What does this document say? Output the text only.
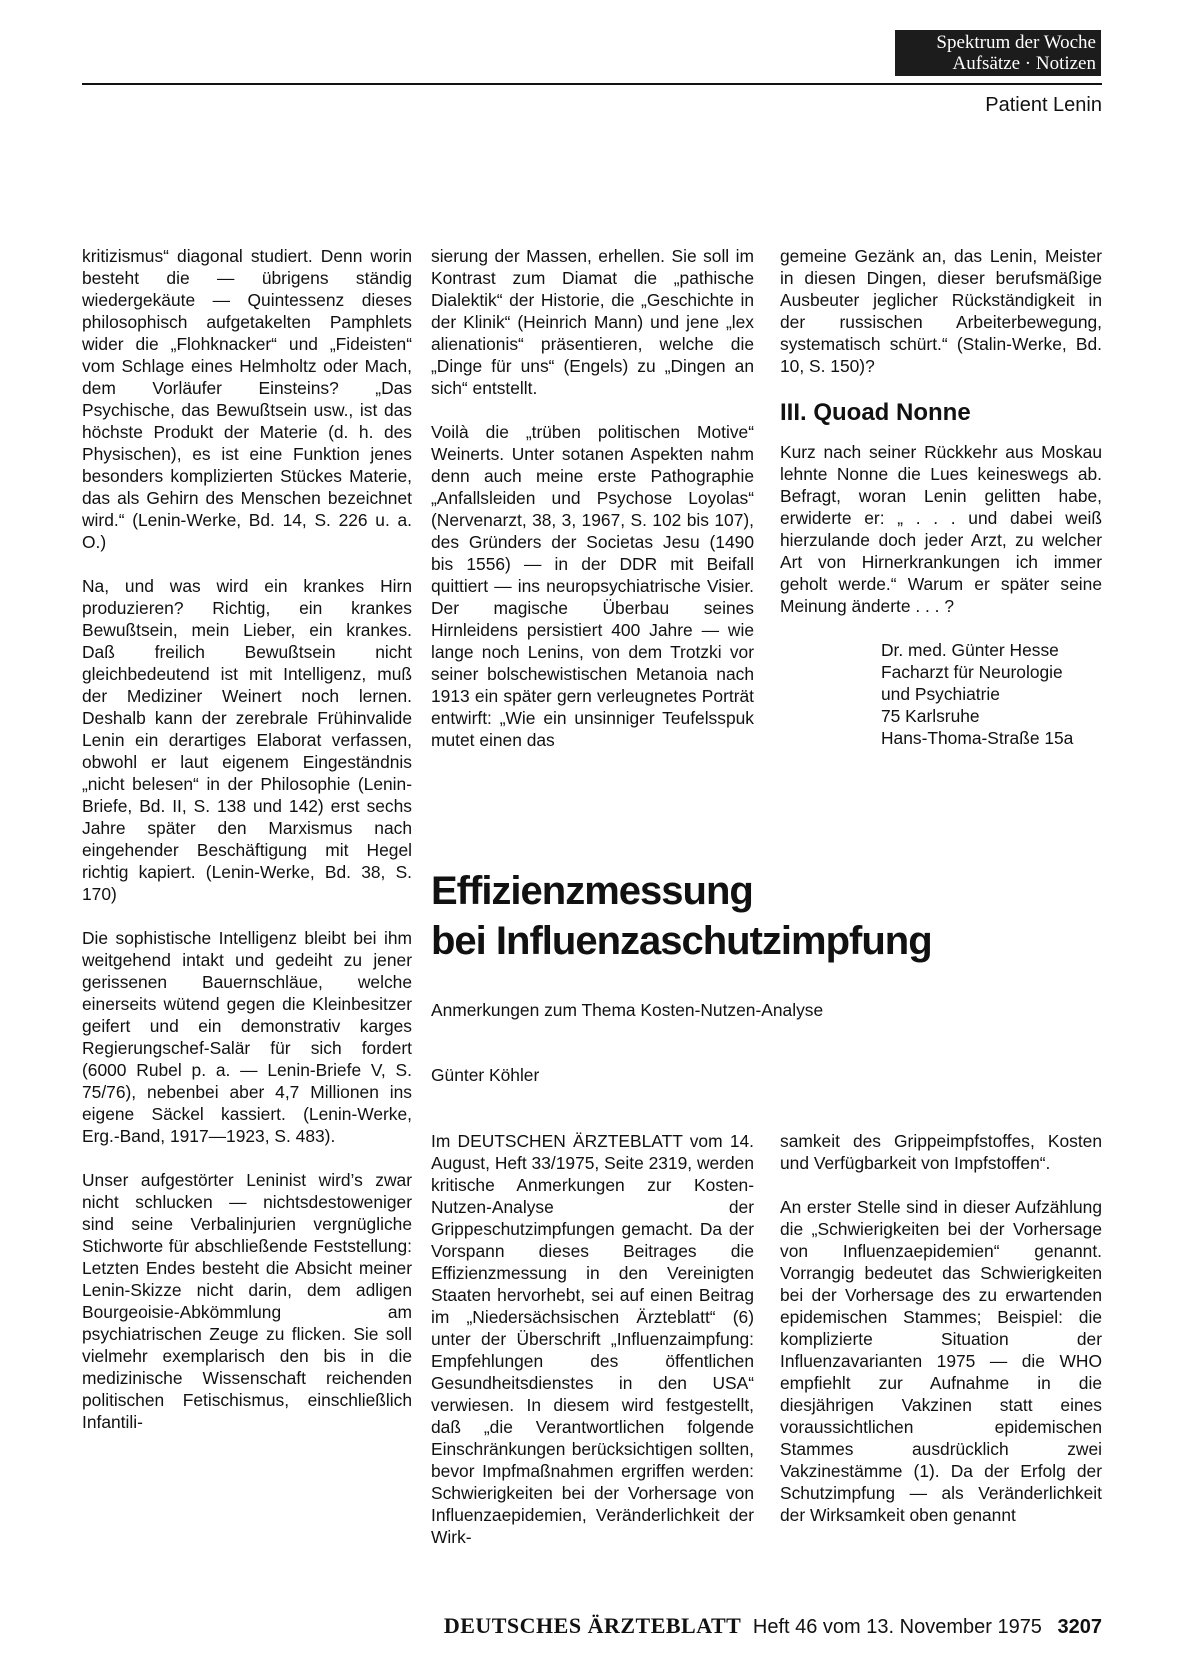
Spektrum der Woche
Aufsätze · Notizen
Patient Lenin

kritizismus“ diagonal studiert. Denn worin besteht die — übrigens ständig wiedergekäute — Quintessenz dieses philosophisch aufgetakelten Pamphlets wider die „Flohknacker“ und „Fideisten“ vom Schlage eines Helmholtz oder Mach, dem Vorläufer Einsteins? „Das Psychische, das Bewußtsein usw., ist das höchste Produkt der Materie (d. h. des Physischen), es ist eine Funktion jenes besonders komplizierten Stückes Materie, das als Gehirn des Menschen bezeichnet wird.“ (Lenin-Werke, Bd. 14, S. 226 u. a. O.)

Na, und was wird ein krankes Hirn produzieren? Richtig, ein krankes Bewußtsein, mein Lieber, ein krankes. Daß freilich Bewußtsein nicht gleichbedeutend ist mit Intelligenz, muß der Mediziner Weinert noch lernen. Deshalb kann der zerebrale Frühinvalide Lenin ein derartiges Elaborat verfassen, obwohl er laut eigenem Eingeständnis „nicht belesen“ in der Philosophie (Lenin-Briefe, Bd. II, S. 138 und 142) erst sechs Jahre später den Marxismus nach eingehender Beschäftigung mit Hegel richtig kapiert. (Lenin-Werke, Bd. 38, S. 170)

Die sophistische Intelligenz bleibt bei ihm weitgehend intakt und gedeiht zu jener gerissenen Bauernschläue, welche einerseits wütend gegen die Kleinbesitzer geifert und ein demonstrativ karges Regierungschef-Salär für sich fordert (6000 Rubel p. a. — Lenin-Briefe V, S. 75/76), nebenbei aber 4,7 Millionen ins eigene Säckel kassiert. (Lenin-Werke, Erg.-Band, 1917—1923, S. 483).

Unser aufgestörter Leninist wird’s zwar nicht schlucken — nichtsdestoweniger sind seine Verbalinjurien vergnügliche Stichworte für abschließende Feststellung: Letzten Endes besteht die Absicht meiner Lenin-Skizze nicht darin, dem adligen Bourgeoisie-Abkömmlung am psychiatrischen Zeuge zu flicken. Sie soll vielmehr exemplarisch den bis in die medizinische Wissenschaft reichenden politischen Fetischismus, einschließlich Infantili-

sierung der Massen, erhellen. Sie soll im Kontrast zum Diamat die „pathische Dialektik“ der Historie, die „Geschichte in der Klinik“ (Heinrich Mann) und jene „lex alienationis“ präsentieren, welche die „Dinge für uns“ (Engels) zu „Dingen an sich“ entstellt.

Voilà die „trüben politischen Motive“ Weinerts. Unter sotanen Aspekten nahm denn auch meine erste Pathographie „Anfallsleiden und Psychose Loyolas“ (Nervenarzt, 38, 3, 1967, S. 102 bis 107), des Gründers der Societas Jesu (1490 bis 1556) — in der DDR mit Beifall quittiert — ins neuropsychiatrische Visier. Der magische Überbau seines Hirnleidens persistiert 400 Jahre — wie lange noch Lenins, von dem Trotzki vor seiner bolschewistischen Metanoia nach 1913 ein später gern verleugnetes Porträt entwirft: „Wie ein unsinniger Teufelsspuk mutet einen das

gemeine Gezänk an, das Lenin, Meister in diesen Dingen, dieser berufsmäßige Ausbeuter jeglicher Rückständigkeit in der russischen Arbeiterbewegung, systematisch schürt.“ (Stalin-Werke, Bd. 10, S. 150)?

III. Quoad Nonne

Kurz nach seiner Rückkehr aus Moskau lehnte Nonne die Lues keineswegs ab. Befragt, woran Lenin gelitten habe, erwiderte er: „ . . . und dabei weiß hierzulande doch jeder Arzt, zu welcher Art von Hirnerkrankungen ich immer geholt werde.“ Warum er später seine Meinung änderte . . . ?

Dr. med. Günter Hesse
Facharzt für Neurologie
und Psychiatrie
75 Karlsruhe
Hans-Thoma-Straße 15a
Effizienzmessung
bei Influenzaschutzimpfung
Anmerkungen zum Thema Kosten-Nutzen-Analyse
Günter Köhler

Im DEUTSCHEN ÄRZTEBLATT vom 14. August, Heft 33/1975, Seite 2319, werden kritische Anmerkungen zur Kosten-Nutzen-Analyse der Grippeschutzimpfungen gemacht. Da der Vorspann dieses Beitrages die Effizienzmessung in den Vereinigten Staaten hervorhebt, sei auf einen Beitrag im „Niedersächsischen Ärzteblatt“ (6) unter der Überschrift „Influenzaimpfung: Empfehlungen des öffentlichen Gesundheitsdienstes in den USA“ verwiesen. In diesem wird festgestellt, daß „die Verantwortlichen folgende Einschränkungen berücksichtigen sollten, bevor Impfmaßnahmen ergriffen werden: Schwierigkeiten bei der Vorhersage von Influenzaepidemien, Veränderlichkeit der Wirk-

samkeit des Grippeimpfstoffes, Kosten und Verfügbarkeit von Impfstoffen“.

An erster Stelle sind in dieser Aufzählung die „Schwierigkeiten bei der Vorhersage von Influenzaepidemien“ genannt. Vorrangig bedeutet das Schwierigkeiten bei der Vorhersage des zu erwartenden epidemischen Stammes; Beispiel: die komplizierte Situation der Influenzavarianten 1975 — die WHO empfiehlt zur Aufnahme in die diesjährigen Vakzinen statt eines voraussichtlichen epidemischen Stammes ausdrücklich zwei Vakzinestämme (1). Da der Erfolg der Schutzimpfung — als Veränderlichkeit der Wirksamkeit oben genannt

DEUTSCHES ÄRZTEBLATT Heft 46 vom 13. November 1975 3207
